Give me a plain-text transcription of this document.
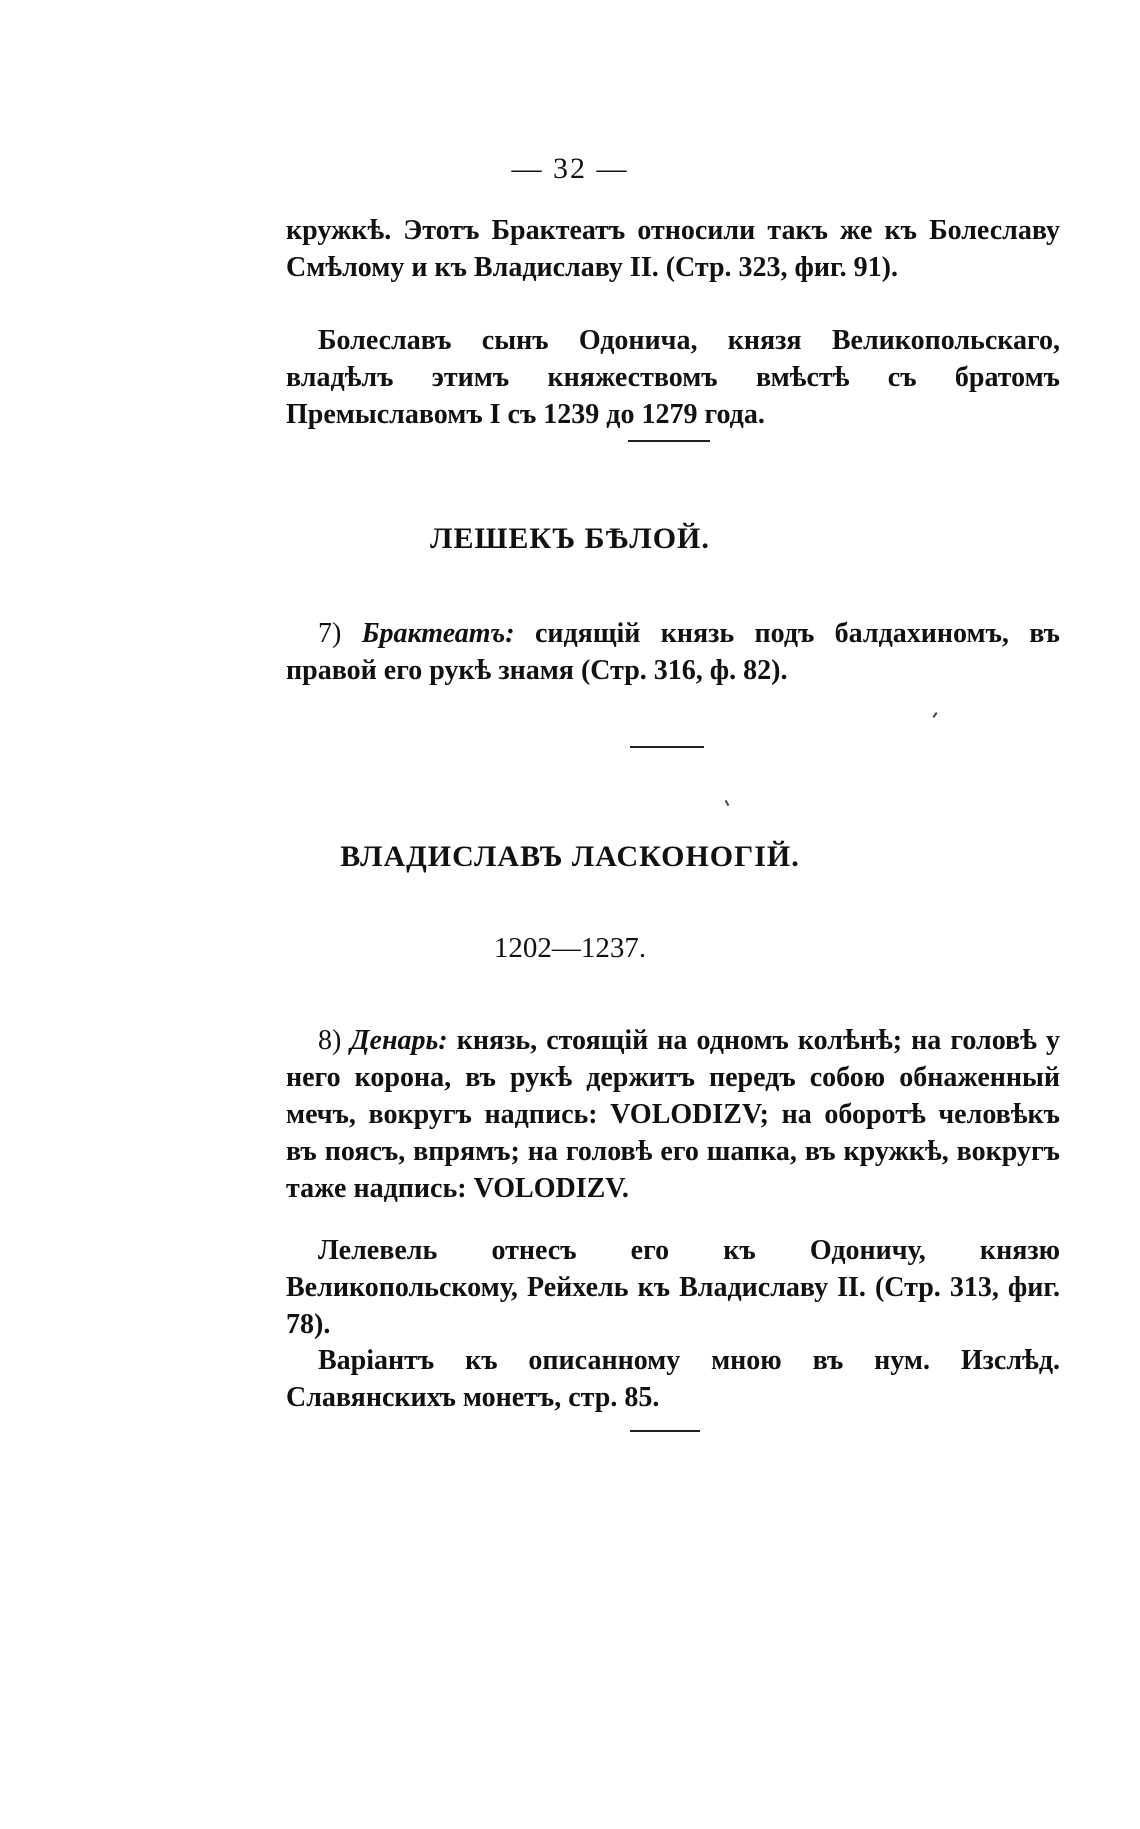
— 32 —

кружкѣ. Этотъ Брактеатъ относили такъ же къ Болеславу Смѣлому и къ Владиславу II. (Стр. 323, фиг. 91).

Болеславъ сынъ Одонича, князя Великопольскаго, владѣлъ этимъ княжествомъ вмѣстѣ съ братомъ Премыславомъ I съ 1239 до 1279 года.

ЛЕШЕКЪ БѢЛОЙ.

7) Брактеатъ: сидящій князь подъ балдахиномъ, въ правой его рукѣ знамя (Стр. 316, ф. 82).

ВЛАДИСЛАВЪ ЛАСКОНОГІЙ.
1202—1237.

8) Денарь: князь, стоящій на одномъ колѣнѣ; на головѣ у него корона, въ рукѣ держитъ передъ собою обнаженный мечъ, вокругъ надпись: VOLODIZV; на оборотѣ человѣкъ въ поясъ, впрямъ; на головѣ его шапка, въ кружкѣ, вокругъ таже надпись: VOLODIZV.

Лелевель отнесъ его къ Одоничу, князю Великопольскому, Рейхель къ Владиславу II. (Стр. 313, фиг. 78).

Варіантъ къ описанному мною въ нум. Изслѣд. Славянскихъ монетъ, стр. 85.
